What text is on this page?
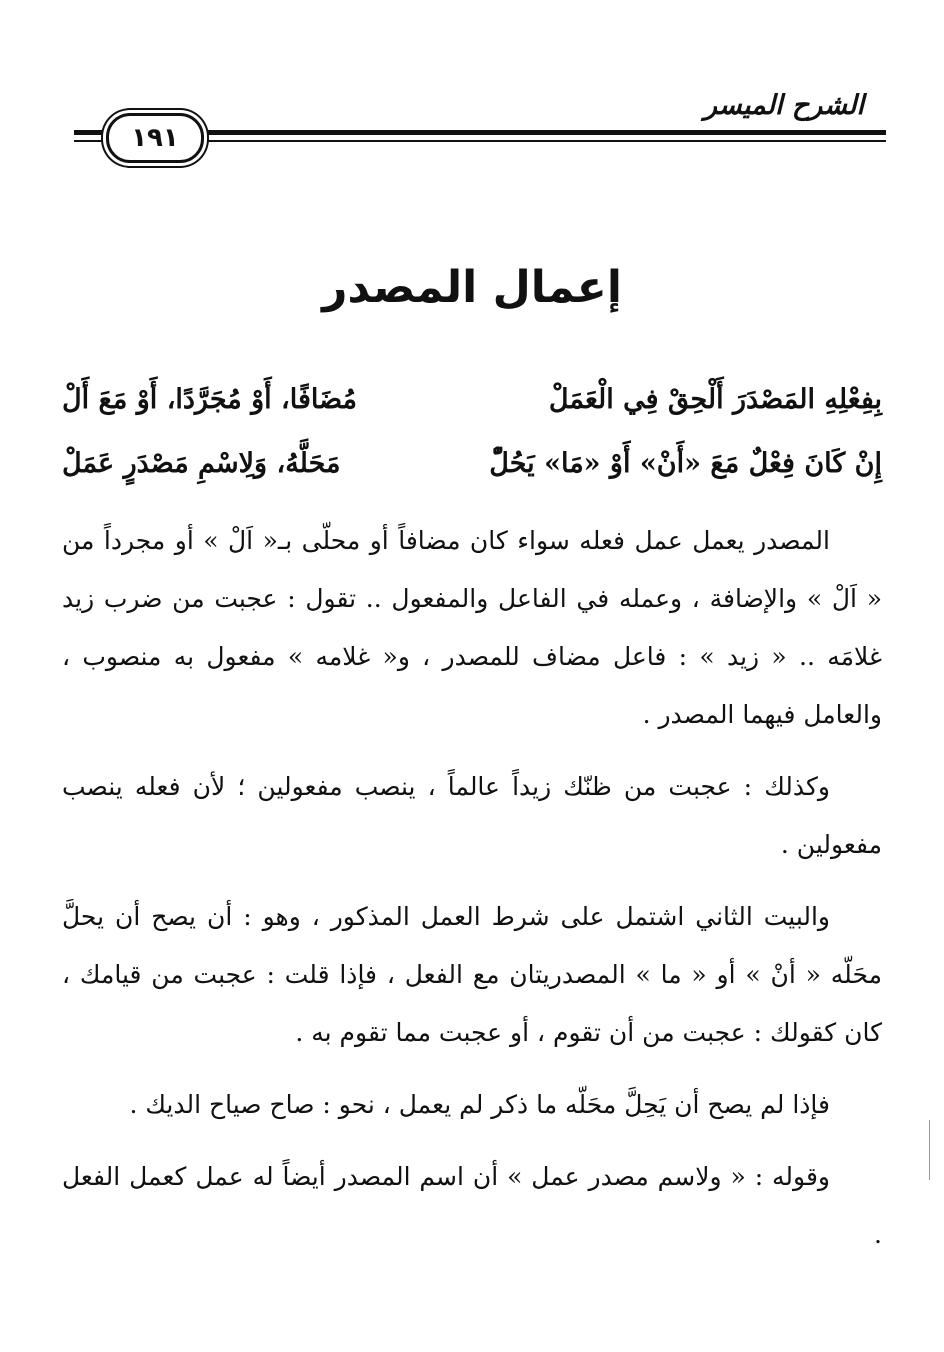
الشرح الميسر
١٩١
إعمال المصدر
بِفِعْلِهِ المَصْدَرَ أَلْحِقْ فِي الْعَمَلْ
مُضَافًا، أَوْ مُجَرَّدًا، أَوْ مَعَ أَلْ
إِنْ كَانَ فِعْلٌ مَعَ «أَنْ» أَوْ «مَا» يَحُلّْ
مَحَلَّهُ، وَلِاسْمِ مَصْدَرٍ عَمَلْ

المصدر يعمل عمل فعله سواء كان مضافاً أو محلّى بـ« اَلْ » أو مجرداً من « اَلْ » والإضافة ، وعمله في الفاعل والمفعول .. تقول : عجبت من ضرب زيد غلامَه .. « زيد » : فاعل مضاف للمصدر ، و« غلامه » مفعول به منصوب ، والعامل فيهما المصدر .

وكذلك : عجبت من ظنّك زيداً عالماً ، ينصب مفعولين ؛ لأن فعله ينصب مفعولين .

والبيت الثاني اشتمل على شرط العمل المذكور ، وهو : أن يصح أن يحلَّ محَلّه « أنْ » أو « ما » المصدريتان مع الفعل ، فإذا قلت : عجبت من قيامك ، كان كقولك : عجبت من أن تقوم ، أو عجبت مما تقوم به .

فإذا لم يصح أن يَحِلَّ محَلّه ما ذكر لم يعمل ، نحو : صاح صياح الديك .

وقوله : « ولاسم مصدر عمل » أن اسم المصدر أيضاً له عمل كعمل الفعل .
